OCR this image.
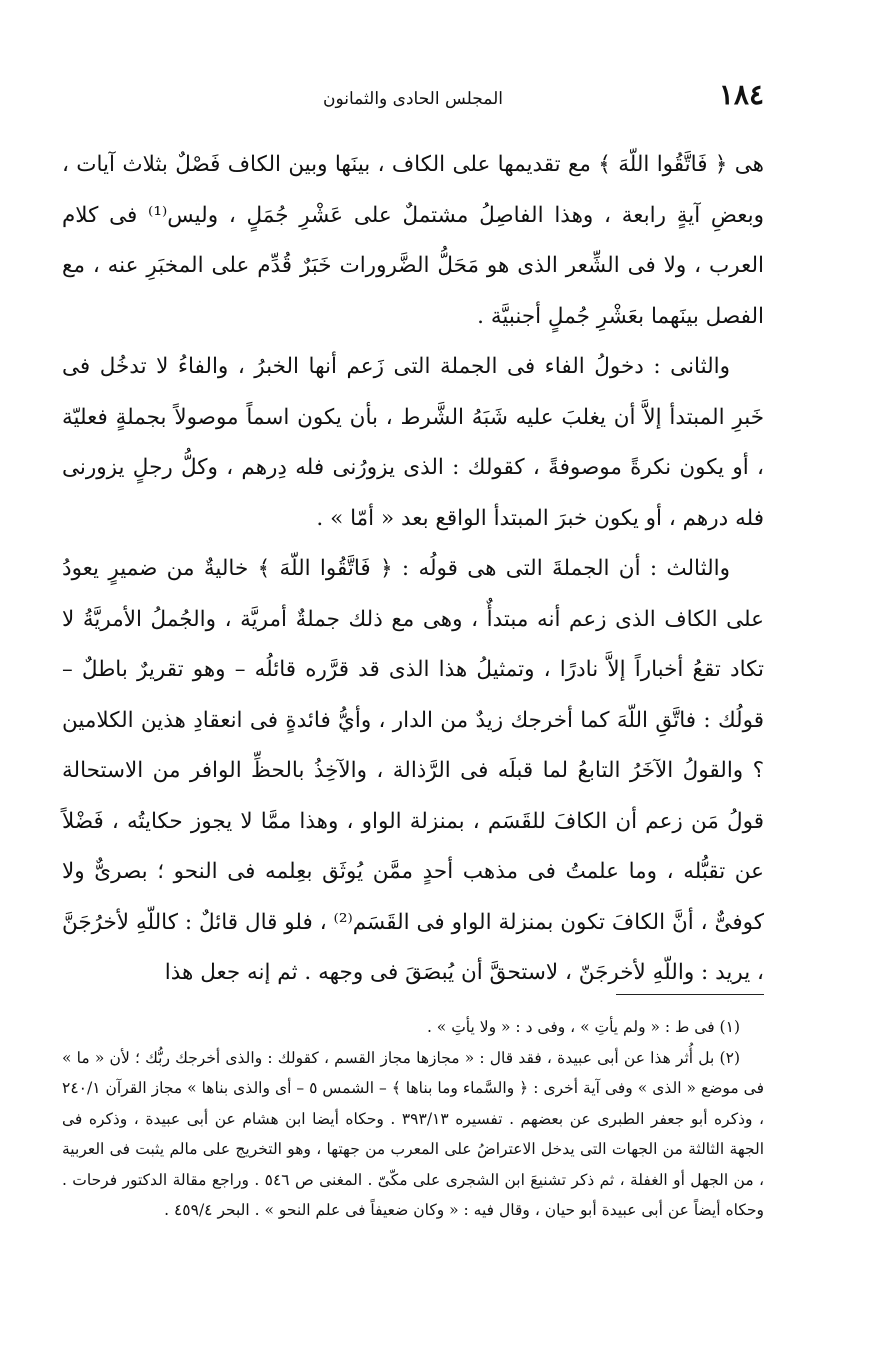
١٨٤
المجلس الحادى والثمانون

هى ﴿ فَاتَّقُوا اللّهَ ﴾ مع تقديمها على الكاف ، بينَها وبين الكاف فَصْلٌ بثلاث آيات ، وبعضِ آيةٍ رابعة ، وهذا الفاصِلُ مشتملٌ على عَشْرِ جُمَلٍ ، وليس⁽¹⁾ فى كلام العرب ، ولا فى الشِّعر الذى هو مَحَلُّ الضَّرورات خَبَرٌ قُدِّم على المخبَرِ عنه ، مع الفصل بينَهما بعَشْرِ جُملٍ أجنبيَّة .

والثانى : دخولُ الفاء فى الجملة التى زَعم أنها الخبرُ ، والفاءُ لا تدخُل فى خَبرِ المبتدأ إلاَّ أن يغلبَ عليه شَبَهُ الشَّرط ، بأن يكون اسماً موصولاً بجملةٍ فعليّة ، أو يكون نكرةً موصوفةً ، كقولك : الذى يزورُنى فله دِرهم ، وكلُّ رجلٍ يزورنى فله درهم ، أو يكون خبرَ المبتدأ الواقع بعد « أمّا » .

والثالث : أن الجملةَ التى هى قولُه : ﴿ فَاتَّقُوا اللّهَ ﴾ خاليةٌ من ضميرٍ يعودُ على الكاف الذى زعم أنه مبتدأٌ ، وهى مع ذلك جملةٌ أمريَّة ، والجُملُ الأمريَّةُ لا تكاد تقعُ أخباراً إلاَّ نادرًا ، وتمثيلُ هذا الذى قد قرَّره قائلُه – وهو تقريرٌ باطلٌ – قولُك : فاتَّقِ اللّهَ كما أخرجك زيدٌ من الدار ، وأيُّ فائدةٍ فى انعقادِ هذين الكلامين ؟ والقولُ الآخَرُ التابعُ لما قبلَه فى الرَّذالة ، والآخِذُ بالحظِّ الوافر من الاستحالة قولُ مَن زعم أن الكافَ للقَسَم ، بمنزلة الواو ، وهذا ممَّا لا يجوز حكايتُه ، فَضْلاً عن تقبُّله ، وما علمتُ فى مذهب أحدٍ ممَّن يُوثَق بعِلمه فى النحو ؛ بصرىٌّ ولا كوفىٌّ ، أنَّ الكافَ تكون بمنزلة الواو فى القَسَم⁽²⁾ ، فلو قال قائلٌ : كاللّهِ لأخرُجَنَّ ، يريد : واللّهِ لأخرجَنّ ، لاستحقَّ أن يُبصَقَ فى وجهه . ثم إنه جعل هذا

(١) فى ط : « ولم يأتِ » ، وفى د : « ولا يأتِ » .

(٢) بل أُثر هذا عن أبى عبيدة ، فقد قال : « مجازها مجاز القسم ، كقولك : والذى أخرجك ربُّك ؛ لأن « ما » فى موضع « الذى » وفى آية أخرى : ﴿ والسَّماء وما بناها ﴾ – الشمس ٥ – أى والذى بناها » مجاز القرآن ٢٤٠/١ ، وذكره أبو جعفر الطبرى عن بعضهم . تفسيره ٣٩٣/١٣ . وحكاه أيضا ابن هشام عن أبى عبيدة ، وذكره فى الجهة الثالثة من الجهات التى يدخل الاعتراضُ على المعرب من جهتها ، وهو التخريج على مالم يثبت فى العربية ، من الجهل أو الغفلة ، ثم ذكر تشنيعَ ابن الشجرى على مكّىّ . المغنى ص ٥٤٦ . وراجع مقالة الدكتور فرحات . وحكاه أيضاً عن أبى عبيدة أبو حيان ، وقال فيه : « وكان ضعيفاً فى علم النحو » . البحر ٤٥٩/٤ .
